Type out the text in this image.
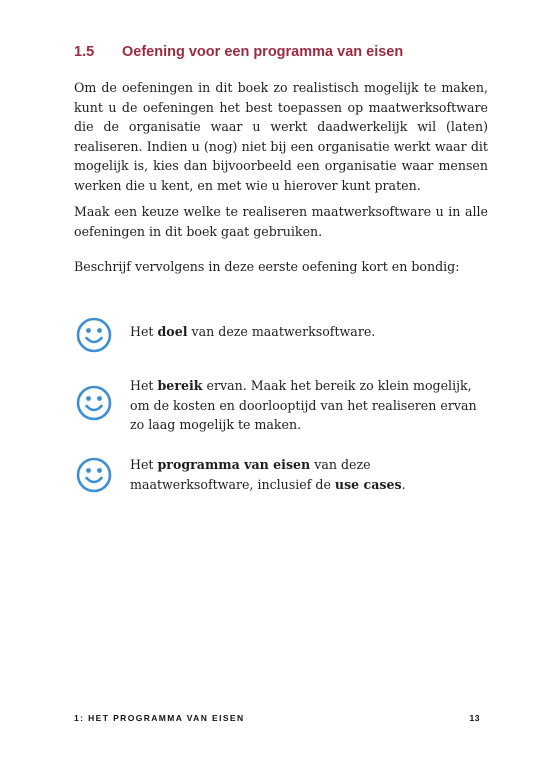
1.5 Oefening voor een programma van eisen

Om de oefeningen in dit boek zo realistisch mogelijk te maken, kunt u de oefeningen het best toepassen op maatwerksoftware die de organisatie waar u werkt daadwerkelijk wil (laten) realiseren. Indien u (nog) niet bij een organisatie werkt waar dit mogelijk is, kies dan bijvoorbeeld een organisatie waar mensen werken die u kent, en met wie u hierover kunt praten.

Maak een keuze welke te realiseren maatwerksoftware u in alle oefeningen in dit boek gaat gebruiken.

Beschrijf vervolgens in deze eerste oefening kort en bondig:

Het doel van deze maatwerksoftware.

Het bereik ervan. Maak het bereik zo klein mogelijk, om de kosten en doorlooptijd van het realiseren ervan zo laag mogelijk te maken.

Het programma van eisen van deze maatwerksoftware, inclusief de use cases.

1: HET PROGRAMMA VAN EISEN	13
